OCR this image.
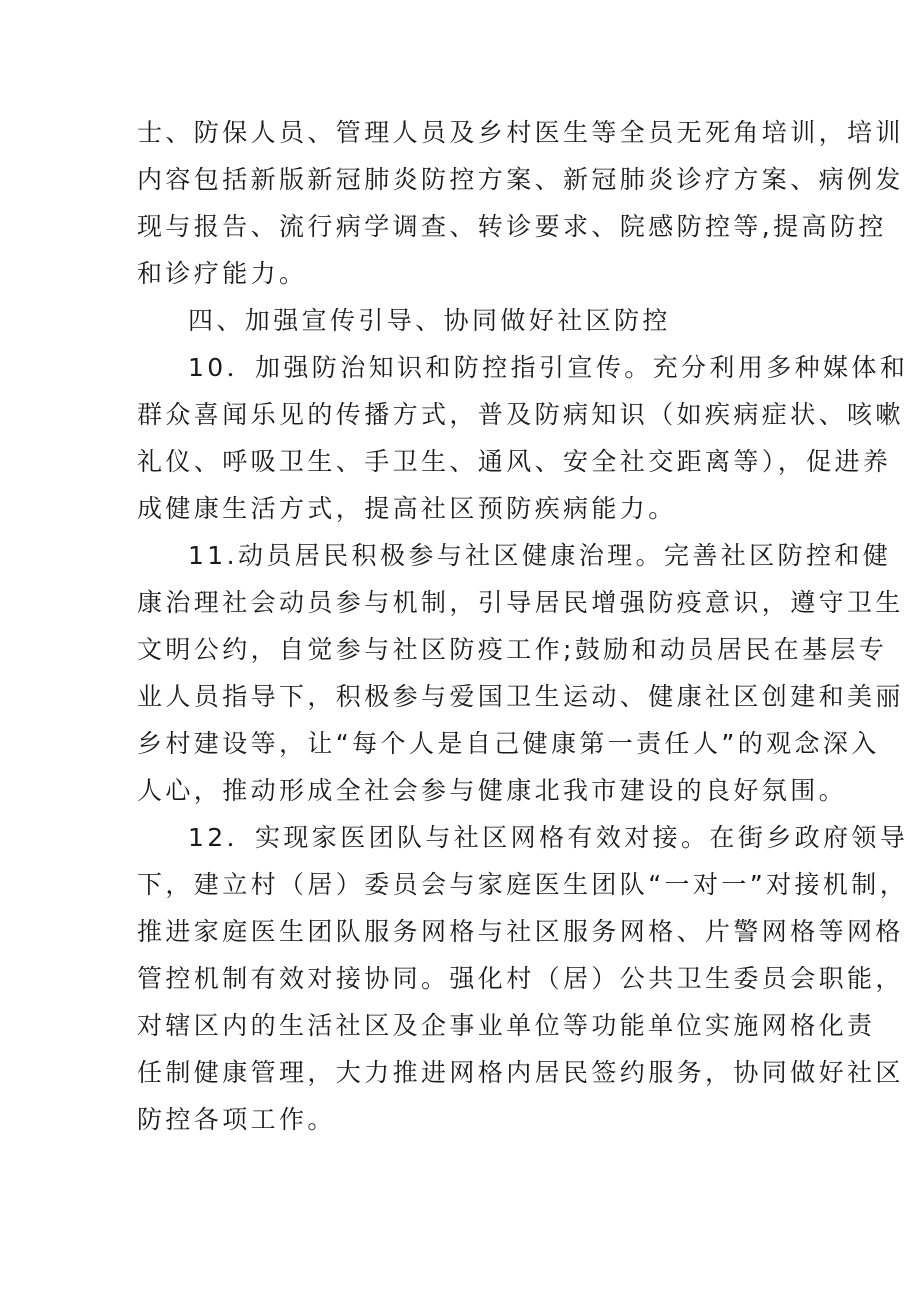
士、防保人员、管理人员及乡村医生等全员无死角培训，培训
内容包括新版新冠肺炎防控方案、新冠肺炎诊疗方案、病例发
现与报告、流行病学调查、转诊要求、院感防控等,提高防控
和诊疗能力。
四、加强宣传引导、协同做好社区防控
10．加强防治知识和防控指引宣传。充分利用多种媒体和
群众喜闻乐见的传播方式，普及防病知识（如疾病症状、咳嗽
礼仪、呼吸卫生、手卫生、通风、安全社交距离等），促进养
成健康生活方式，提高社区预防疾病能力。
11.动员居民积极参与社区健康治理。完善社区防控和健
康治理社会动员参与机制，引导居民增强防疫意识，遵守卫生
文明公约，自觉参与社区防疫工作;鼓励和动员居民在基层专
业人员指导下，积极参与爱国卫生运动、健康社区创建和美丽
乡村建设等，让“每个人是自己健康第一责任人”的观念深入
人心，推动形成全社会参与健康北我市建设的良好氛围。
12．实现家医团队与社区网格有效对接。在街乡政府领导
下，建立村（居）委员会与家庭医生团队“一对一”对接机制，
推进家庭医生团队服务网格与社区服务网格、片警网格等网格
管控机制有效对接协同。强化村（居）公共卫生委员会职能，
对辖区内的生活社区及企事业单位等功能单位实施网格化责
任制健康管理，大力推进网格内居民签约服务，协同做好社区
防控各项工作。
